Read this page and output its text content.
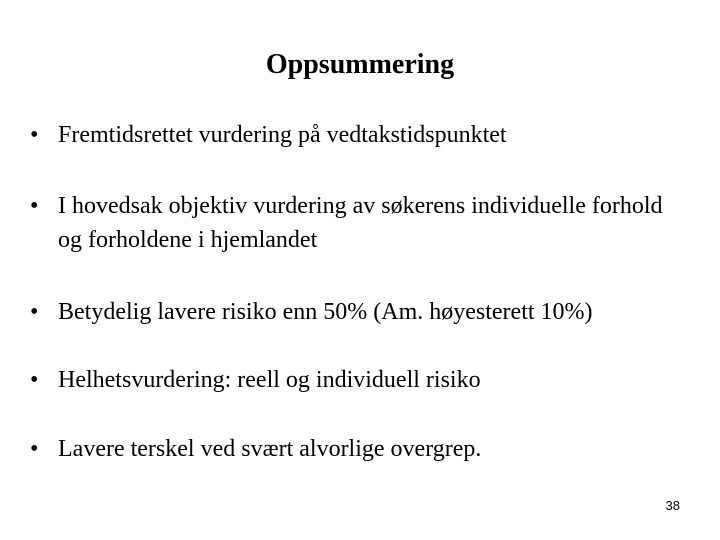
Oppsummering
• Fremtidsrettet vurdering på vedtakstidspunktet
• I hovedsak objektiv vurdering av søkerens individuelle forhold og forholdene i hjemlandet
• Betydelig lavere risiko enn 50% (Am. høyesterett 10%)
• Helhetsvurdering: reell og individuell risiko
• Lavere terskel ved svært alvorlige overgrep.
38
